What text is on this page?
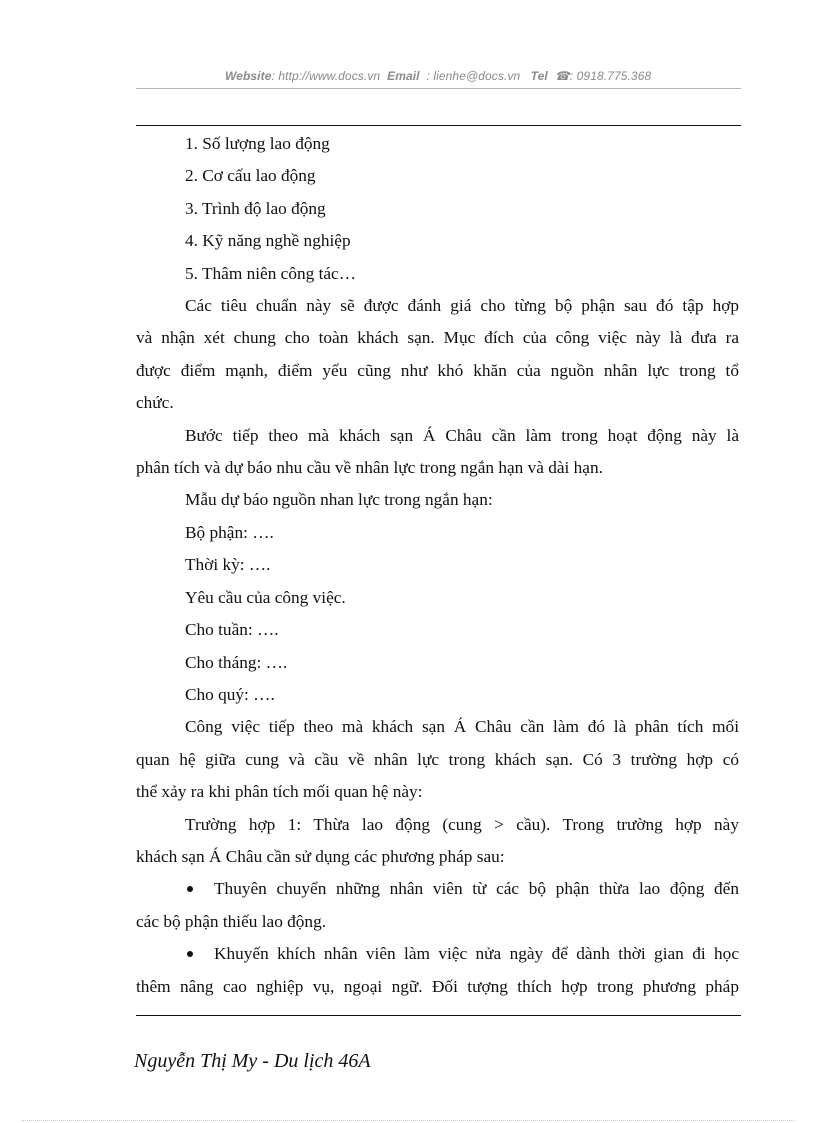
Website: http://www.docs.vn Email : lienhe@docs.vn Tel ☎: 0918.775.368

1. Số lượng lao động

2. Cơ cấu lao động

3. Trình độ lao động

4. Kỹ năng nghề nghiệp

5. Thâm niên công tác…

Các tiêu chuẩn này sẽ được đánh giá cho từng bộ phận sau đó tập hợp

và nhận xét chung cho toàn khách sạn. Mục đích của công việc này là đưa ra

được điểm mạnh, điểm yếu cũng như khó khăn của nguồn nhân lực trong tổ

chức.

Bước tiếp theo mà khách sạn Á Châu cần làm trong hoạt động này là

phân tích và dự báo nhu cầu về nhân lực trong ngắn hạn và dài hạn.

Mẫu dự báo nguồn nhan lực trong ngắn hạn:

Bộ phận: ….

Thời kỳ: ….

Yêu cầu của công việc.

Cho tuần: ….

Cho tháng: ….

Cho quý: ….

Công việc tiếp theo mà khách sạn Á Châu cần làm đó là phân tích mối

quan hệ giữa cung và cầu về nhân lực trong khách sạn. Có 3 trường hợp có

thể xảy ra khi phân tích mối quan hệ này:

Trường hợp 1: Thừa lao động (cung > cầu). Trong trường hợp này

khách sạn Á Châu cần sử dụng các phương pháp sau:

Thuyên chuyển những nhân viên từ các bộ phận thừa lao động đến

các bộ phận thiếu lao động.

Khuyến khích nhân viên làm việc nửa ngày để dành thời gian đi học

thêm nâng cao nghiệp vụ, ngoại ngữ. Đối tượng thích hợp trong phương pháp

Nguyễn Thị My - Du lịch 46A
